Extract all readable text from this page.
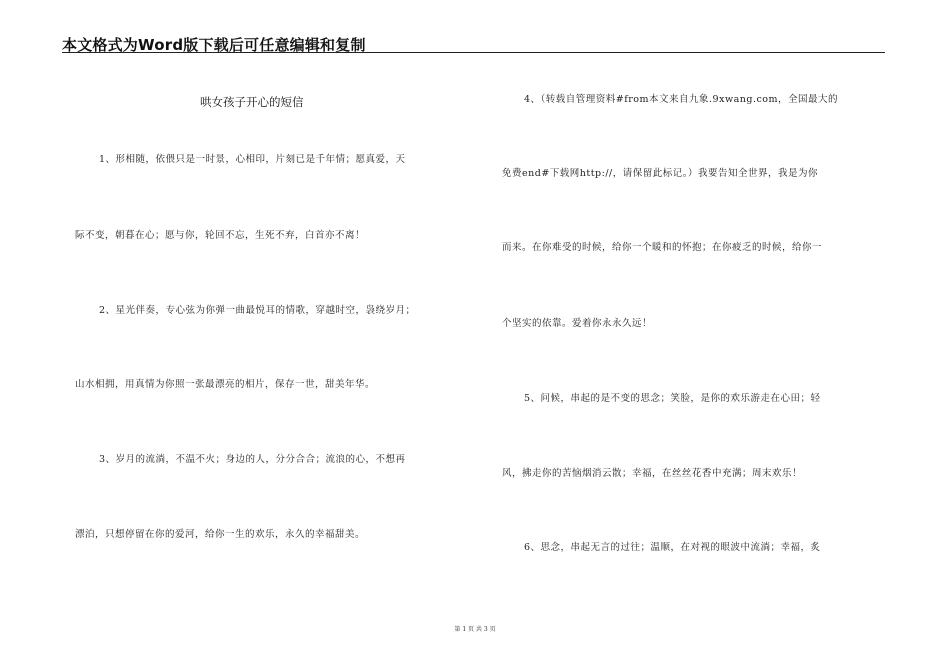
本文格式为Word版下载后可任意编辑和复制
哄女孩子开心的短信
1、形相随，依偎只是一时景，心相印，片刻已是千年情；愿真爱，天
际不变，朝暮在心；愿与你，轮回不忘，生死不弃，白首亦不离！
2、星光伴奏，专心弦为你弹一曲最悦耳的情歌，穿越时空，袅绕岁月；
山水相拥，用真情为你照一张最漂亮的相片，保存一世，甜美年华。
3、岁月的流淌，不温不火；身边的人，分分合合；流浪的心，不想再
漂泊，只想停留在你的爱河，给你一生的欢乐，永久的幸福甜美。
4、（转载自管理资料#from本文来自九象.9xwang.com，全国最大的
免费end#下载网http://，请保留此标记。）我要告知全世界，我是为你
而来。在你难受的时候，给你一个暖和的怀抱；在你疲乏的时候，给你一
个坚实的依靠。爱着你永永久远！
5、问候，串起的是不变的思念；笑脸，是你的欢乐游走在心田；轻
风，拂走你的苦恼烟消云散；幸福，在丝丝花香中充满；周末欢乐！
6、思念，串起无言的过往；温顺，在对视的眼波中流淌；幸福，炙
第 1 页 共 3 页
